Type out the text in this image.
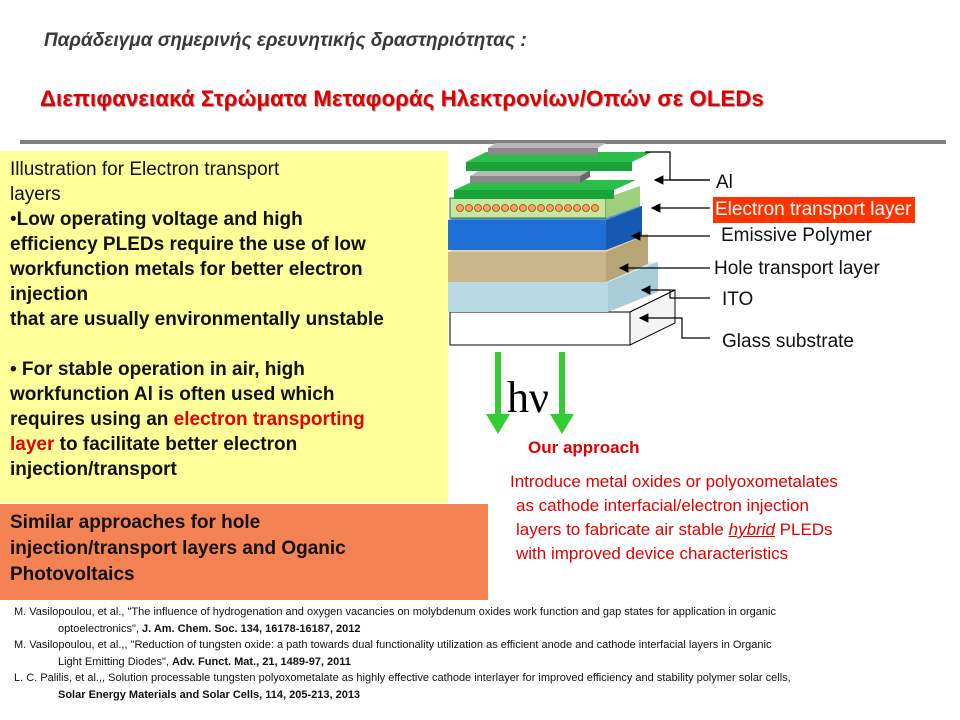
Παράδειγμα σημερινής ερευνητικής δραστηριότητας :
Διεπιφανειακά Στρώματα Μεταφοράς Ηλεκτρονίων/Οπών σε OLEDs

Illustration for Electron transport

layers

•Low operating voltage and high

efficiency PLEDs require the use of low

workfunction metals for better electron

injection

that are usually environmentally unstable

• For stable operation in air, high

workfunction Al is often used which

requires using an electron transporting

layer to facilitate better electron

injection/transport

Similar approaches for hole
injection/transport layers and Oganic
Photovoltaics
Al
Electron transport layer
Emissive Polymer
Hole transport layer
ITO
Glass substrate
hν
Our approach
Introduce metal oxides or polyoxometalates
as cathode interfacial/electron injection
layers to fabricate air stable hybrid PLEDs
with improved device characteristics
M. Vasilopoulou, et al., "The influence of hydrogenation and oxygen vacancies on molybdenum oxides work function and gap states for application in organic
optoelectronics", J. Am. Chem. Soc. 134, 16178-16187, 2012
M. Vasilopoulou, et al.,, "Reduction of tungsten oxide: a path towards dual functionality utilization as efficient anode and cathode interfacial layers in Organic
Light Emitting Diodes", Adv. Funct. Mat., 21, 1489-97, 2011
L. C. Palilis, et al.,, Solution processable tungsten polyoxometalate as highly effective cathode interlayer for improved efficiency and stability polymer solar cells,
Solar Energy Materials and Solar Cells, 114, 205-213, 2013
